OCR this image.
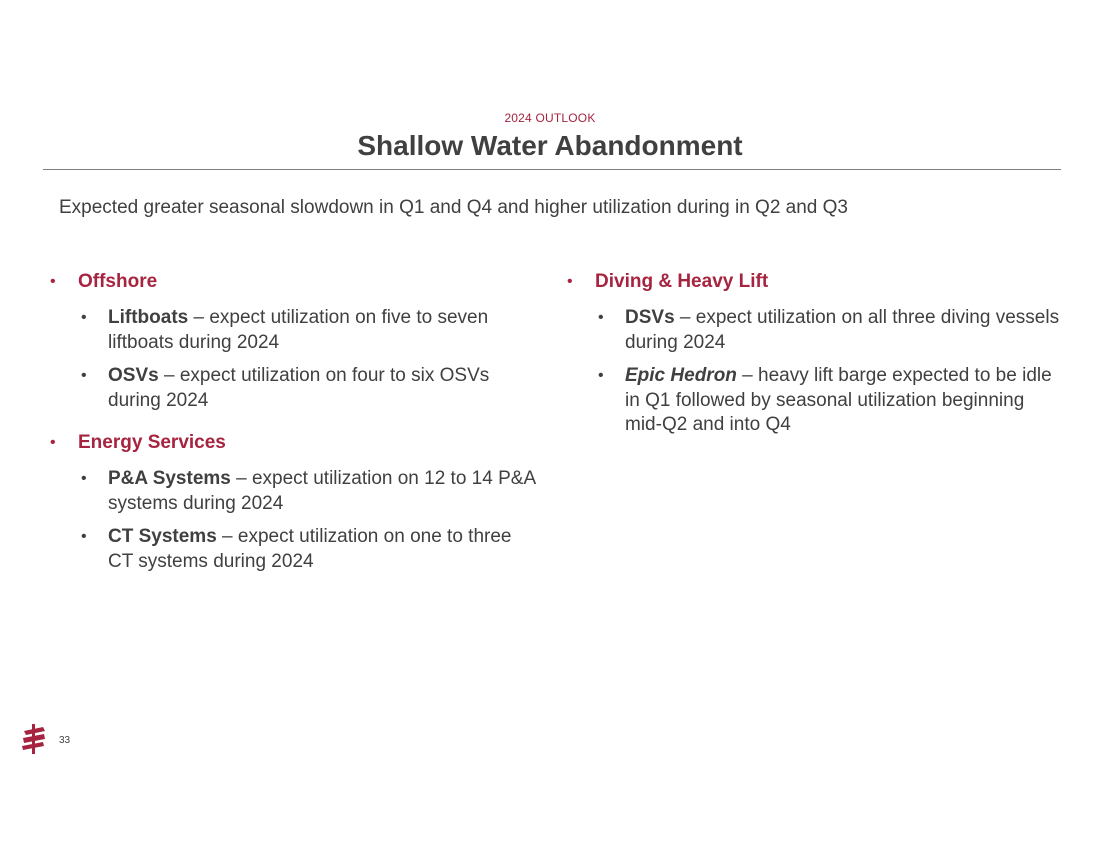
2024 OUTLOOK
Shallow Water Abandonment
Expected greater seasonal slowdown in Q1 and Q4 and higher utilization during in Q2 and Q3
• Offshore
• Liftboats – expect utilization on five to seven liftboats during 2024
• OSVs – expect utilization on four to six OSVs during 2024
• Energy Services
• P&A Systems – expect utilization on 12 to 14 P&A systems during 2024
• CT Systems – expect utilization on one to three CT systems during 2024
• Diving & Heavy Lift
• DSVs – expect utilization on all three diving vessels during 2024
• Epic Hedron – heavy lift barge expected to be idle in Q1 followed by seasonal utilization beginning mid-Q2 and into Q4
33
